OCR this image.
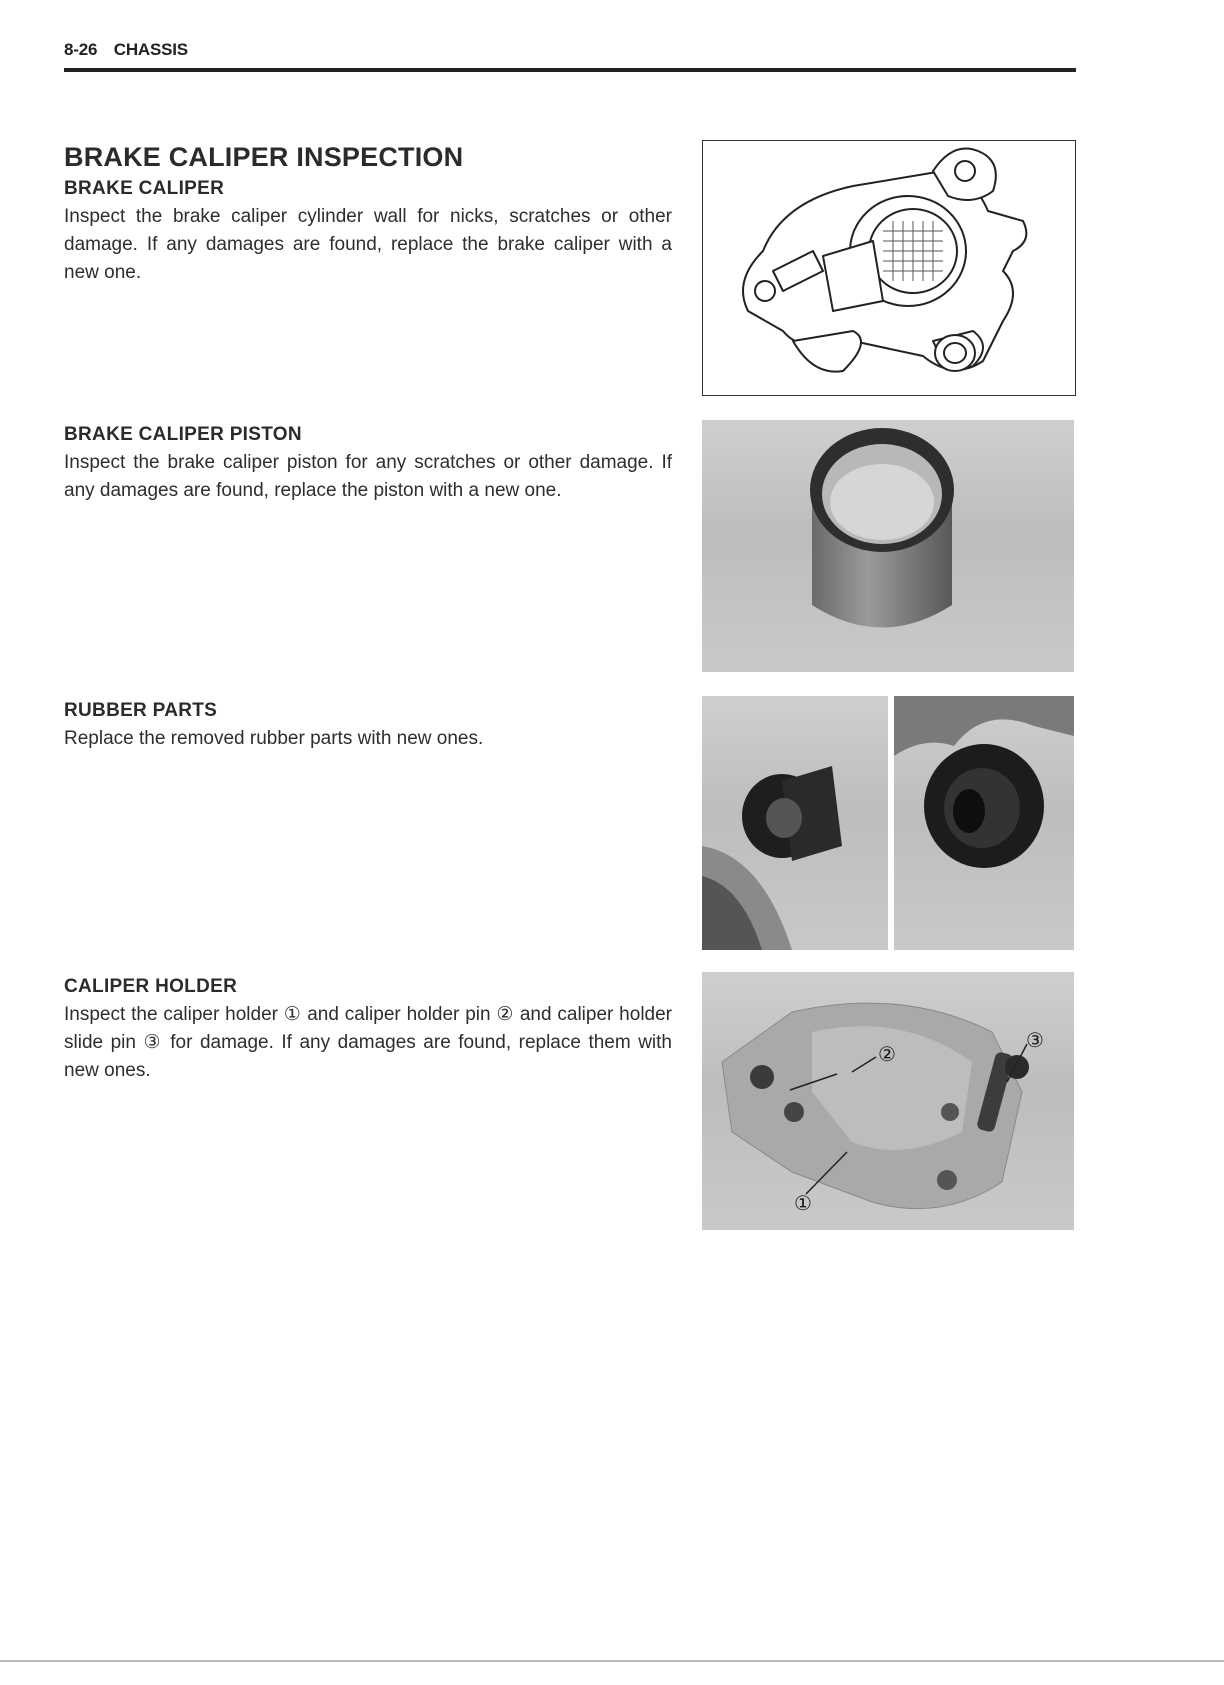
8-26 CHASSIS
BRAKE CALIPER INSPECTION
BRAKE CALIPER

Inspect the brake caliper cylinder wall for nicks, scratches or other damage. If any damages are found, replace the brake caliper with a new one.

BRAKE CALIPER PISTON

Inspect the brake caliper piston for any scratches or other damage. If any damages are found, replace the piston with a new one.

RUBBER PARTS

Replace the removed rubber parts with new ones.

CALIPER HOLDER

Inspect the caliper holder ① and caliper holder pin ② and caliper holder slide pin ③ for damage. If any damages are found, replace them with new ones.

②
③
①
